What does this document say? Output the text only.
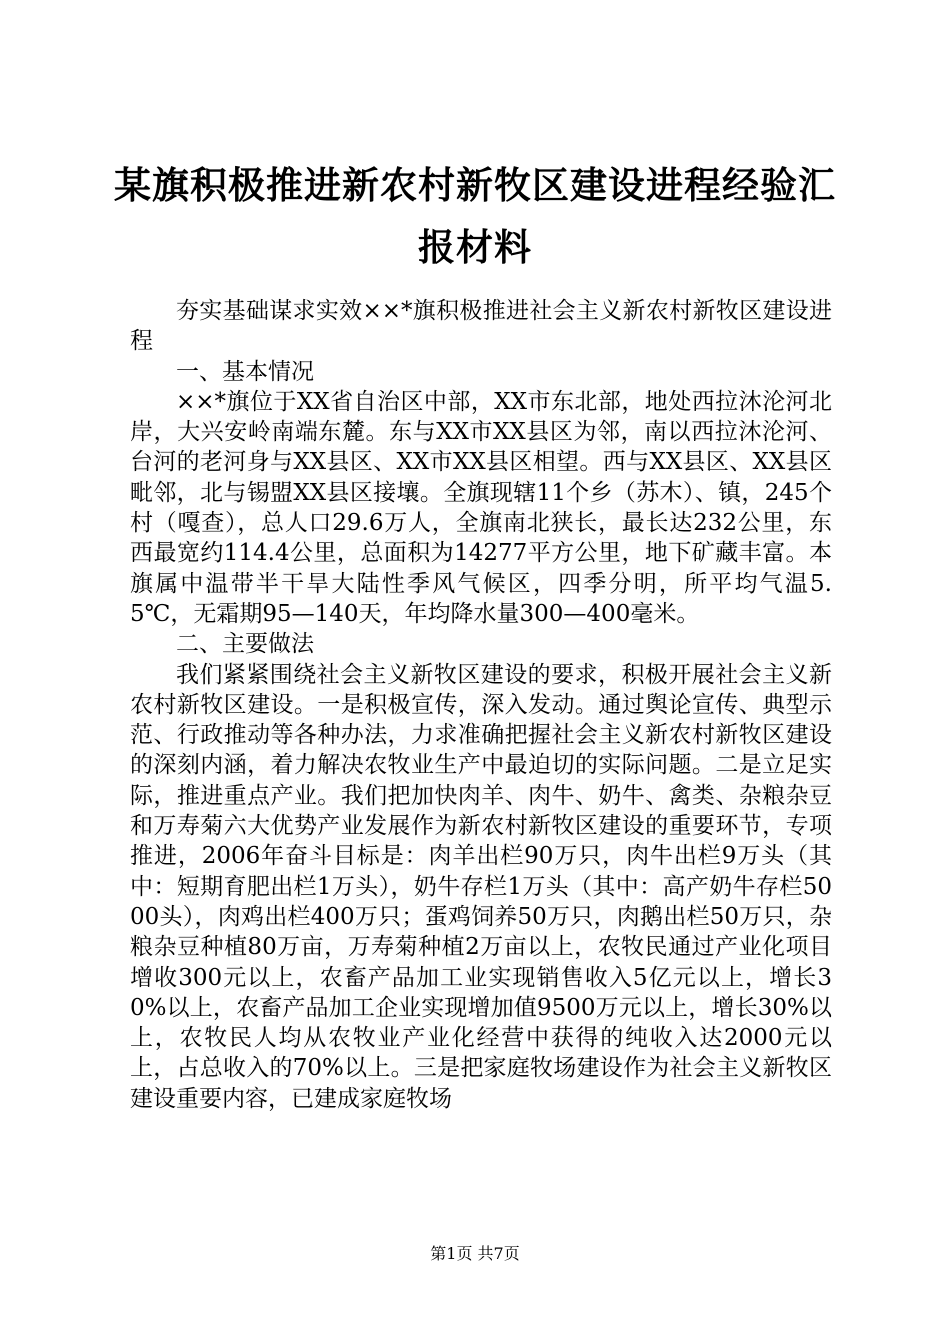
某旗积极推进新农村新牧区建设进程经验汇报材料

夯实基础谋求实效××*旗积极推进社会主义新农村新牧区建设进程

一、基本情况

××*旗位于XX省自治区中部，XX市东北部，地处西拉沐沦河北岸，大兴安岭南端东麓。东与XX市XX县区为邻，南以西拉沐沦河、台河的老河身与XX县区、XX市XX县区相望。西与XX县区、XX县区毗邻，北与锡盟XX县区接壤。全旗现辖11个乡（苏木）、镇，245个村（嘎查），总人口29.6万人，全旗南北狭长，最长达232公里，东西最宽约114.4公里，总面积为14277平方公里，地下矿藏丰富。本旗属中温带半干旱大陆性季风气候区，四季分明，所平均气温5.5℃，无霜期95—140天，年均降水量300—400毫米。

二、主要做法

我们紧紧围绕社会主义新牧区建设的要求，积极开展社会主义新农村新牧区建设。一是积极宣传，深入发动。通过舆论宣传、典型示范、行政推动等各种办法，力求准确把握社会主义新农村新牧区建设的深刻内涵，着力解决农牧业生产中最迫切的实际问题。二是立足实际，推进重点产业。我们把加快肉羊、肉牛、奶牛、禽类、杂粮杂豆和万寿菊六大优势产业发展作为新农村新牧区建设的重要环节，专项推进，2006年奋斗目标是：肉羊出栏90万只，肉牛出栏9万头（其中：短期育肥出栏1万头），奶牛存栏1万头（其中：高产奶牛存栏5000头），肉鸡出栏400万只；蛋鸡饲养50万只，肉鹅出栏50万只，杂粮杂豆种植80万亩，万寿菊种植2万亩以上，农牧民通过产业化项目增收300元以上，农畜产品加工业实现销售收入5亿元以上，增长30%以上，农畜产品加工企业实现增加值9500万元以上，增长30%以上，农牧民人均从农牧业产业化经营中获得的纯收入达2000元以上，占总收入的70%以上。三是把家庭牧场建设作为社会主义新牧区建设重要内容，已建成家庭牧场

第1页 共7页
